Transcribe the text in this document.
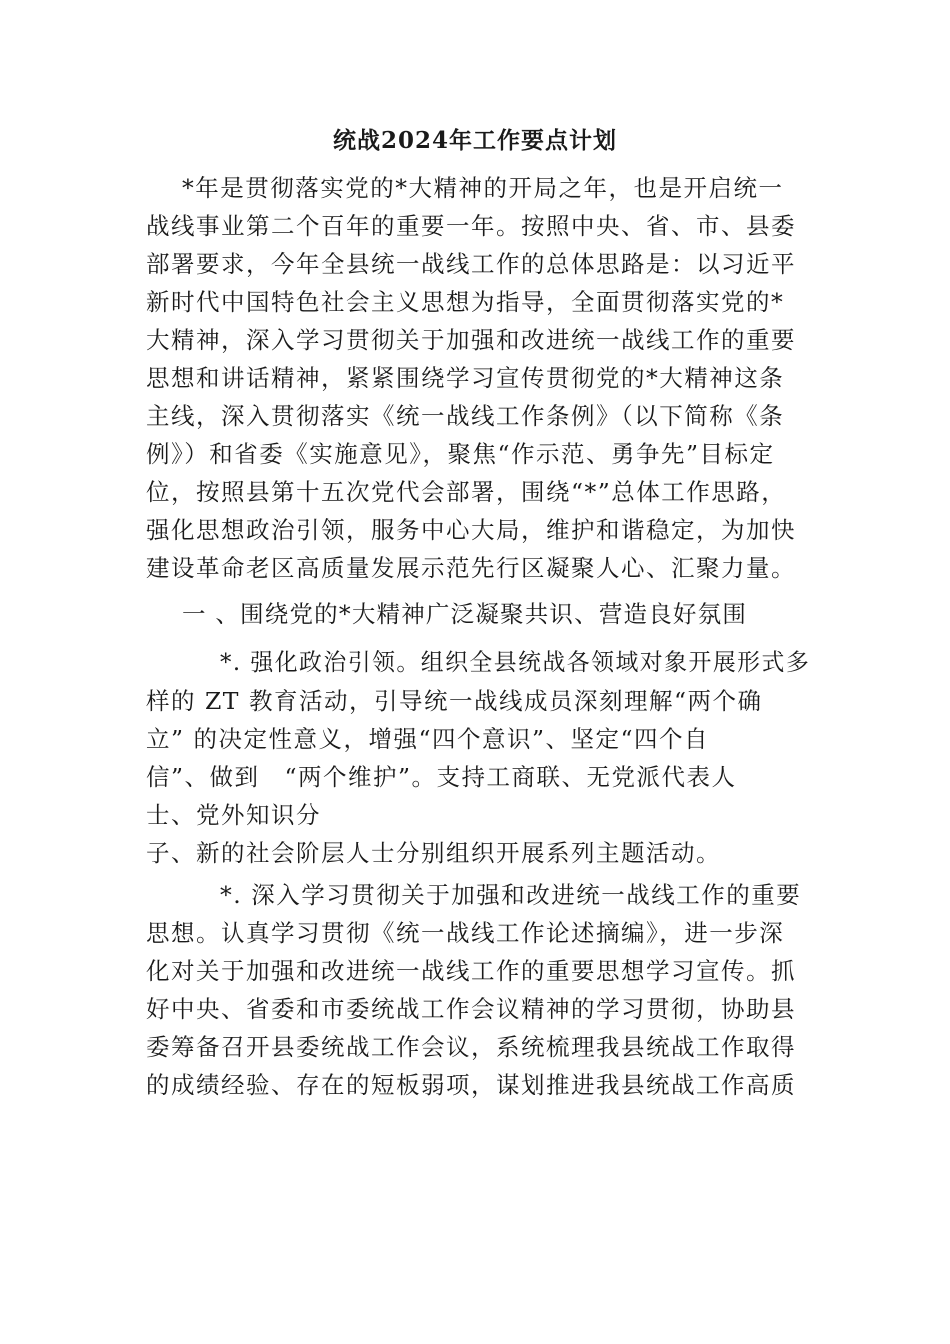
统战2024年工作要点计划
*年是贯彻落实党的*大精神的开局之年，也是开启统一
战线事业第二个百年的重要一年。按照中央、省、市、县委
部署要求，今年全县统一战线工作的总体思路是：以习近平
新时代中国特色社会主义思想为指导，全面贯彻落实党的*
大精神，深入学习贯彻关于加强和改进统一战线工作的重要
思想和讲话精神，紧紧围绕学习宣传贯彻党的*大精神这条
主线，深入贯彻落实《统一战线工作条例》（以下简称《条
例》）和省委《实施意见》，聚焦“作示范、勇争先”目标定
位，按照县第十五次党代会部署，围绕“*”总体工作思路，
强化思想政治引领，服务中心大局，维护和谐稳定，为加快
建设革命老区高质量发展示范先行区凝聚人心、汇聚力量。
一 、围绕党的*大精神广泛凝聚共识、营造良好氛围
*. 强化政治引领。组织全县统战各领域对象开展形式多
样的 ZT 教育活动，引导统一战线成员深刻理解“两个确
立” 的决定性意义，增强“四个意识”、坚定“四个自
信”、做到　“两个维护”。支持工商联、无党派代表人
士、党外知识分
子、新的社会阶层人士分别组织开展系列主题活动。
*. 深入学习贯彻关于加强和改进统一战线工作的重要
思想。认真学习贯彻《统一战线工作论述摘编》，进一步深
化对关于加强和改进统一战线工作的重要思想学习宣传。抓
好中央、省委和市委统战工作会议精神的学习贯彻，协助县
委筹备召开县委统战工作会议，系统梳理我县统战工作取得
的成绩经验、存在的短板弱项，谋划推进我县统战工作高质
